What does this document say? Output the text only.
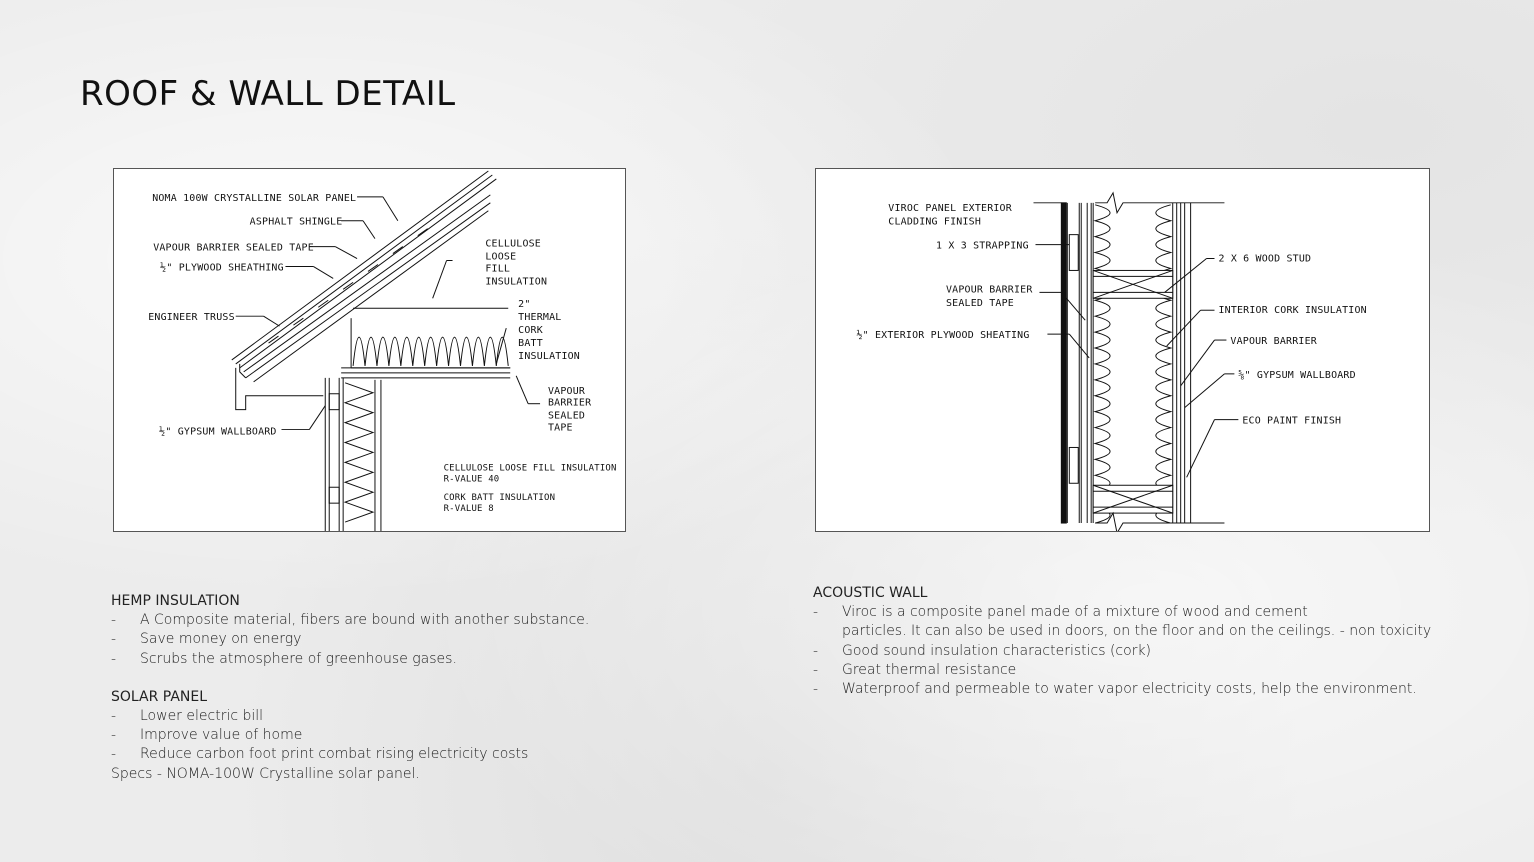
ROOF & WALL DETAIL
NOMA 100W CRYSTALLINE SOLAR PANEL
ASPHALT SHINGLE
VAPOUR BARRIER SEALED TAPE
½" PLYWOOD SHEATHING
CELLULOSE
LOOSE
FILL
INSULATION
2"
THERMAL
CORK
BATT
INSULATION
ENGINEER TRUSS
VAPOUR
BARRIER
SEALED
TAPE
½" GYPSUM WALLBOARD
CELLULOSE LOOSE FILL INSULATION
R-VALUE 40
CORK BATT INSULATION
R-VALUE 8
VIROC PANEL EXTERIOR
CLADDING FINISH
1 X 3 STRAPPING
VAPOUR BARRIER
SEALED TAPE
½" EXTERIOR PLYWOOD SHEATING
2 X 6 WOOD STUD
INTERIOR CORK INSULATION
VAPOUR BARRIER
⅝" GYPSUM WALLBOARD
ECO PAINT FINISH

HEMP INSULATION

- A Composite material, fibers are bound with another substance.
- Save money on energy
- Scrubs the atmosphere of greenhouse gases.

SOLAR PANEL

- Lower electric bill
- Improve value of home
- Reduce carbon foot print combat rising electricity costs

Specs - NOMA-100W Crystalline solar panel.

ACOUSTIC WALL

- Viroc is a composite panel made of a mixture of wood and cement

particles. It can also be used in doors, on the floor and on the ceilings. - non toxicity

- Good sound insulation characteristics (cork)
- Great thermal resistance
- Waterproof and permeable to water vapor electricity costs, help the environment.
